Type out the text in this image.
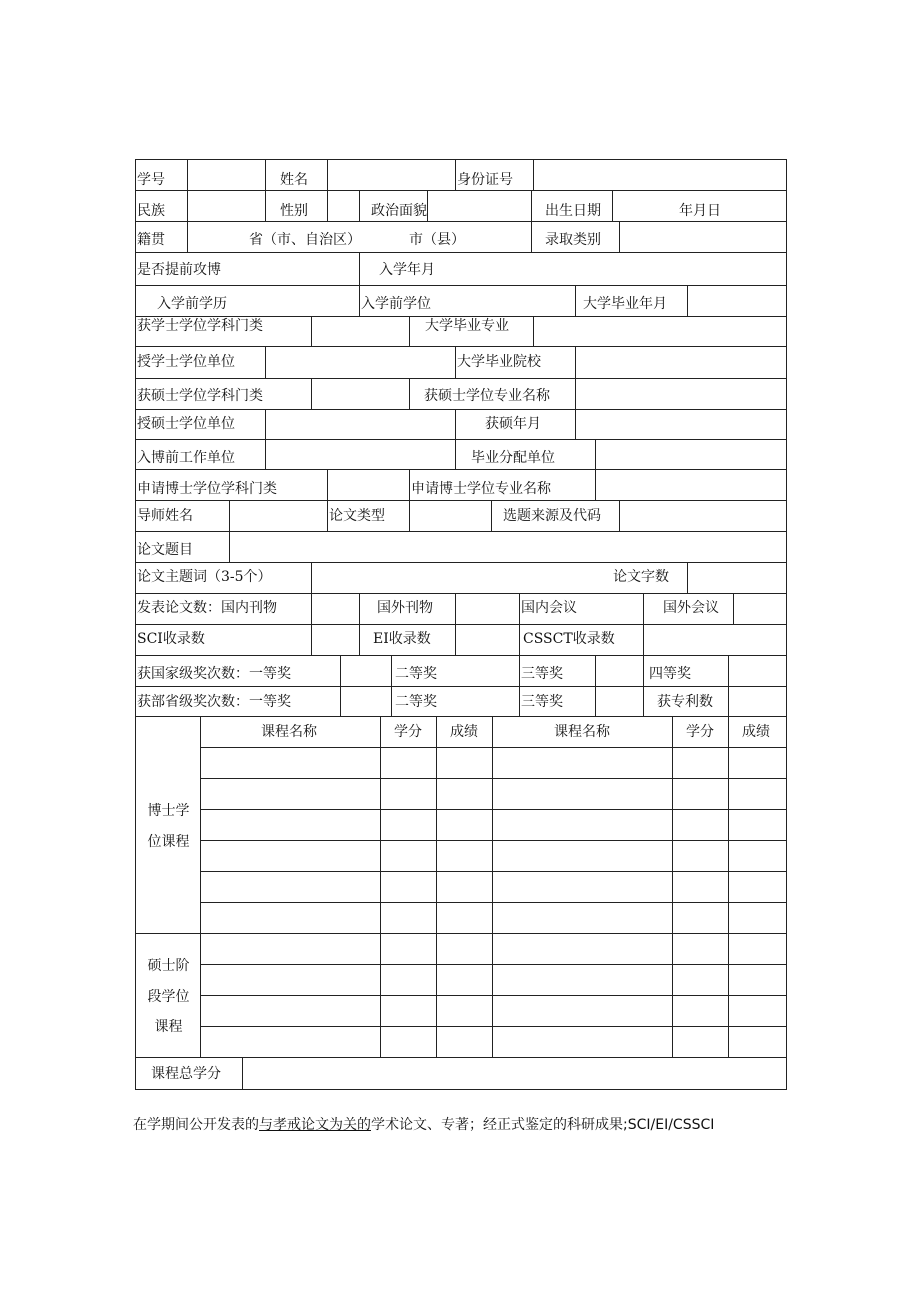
学号	姓名	身份证号
民族	性别	政治面貌	出生日期	年月日
籍贯	省（市、自治区）	市（县）	录取类别
是否提前攻博	入学年月
入学前学历	入学前学位	大学毕业年月
获学士学位学科门类	大学毕业专业
授学士学位单位	大学毕业院校
获硕士学位学科门类	获硕士学位专业名称
授硕士学位单位	获硕年月
入博前工作单位	毕业分配单位
申请博士学位学科门类	申请博士学位专业名称
导师姓名	论文类型	选题来源及代码
论文题目
论文主题词（3-5个）	论文字数
发表论文数：国内刊物	国外刊物	国内会议	国外会议
SCI收录数	EI收录数	CSSCT收录数
获国家级奖次数：一等奖	二等奖	三等奖	四等奖
获部省级奖次数：一等奖	二等奖	三等奖	获专利数
课程名称	学分 成绩	课程名称	学分 成绩
博士学
位课程
硕士阶
段学位
课程
课程总学分
在学期间公开发表的与孝戒论文为关的学术论文、专著；经正式鉴定的科研成果;SCI/EI/CSSCI
